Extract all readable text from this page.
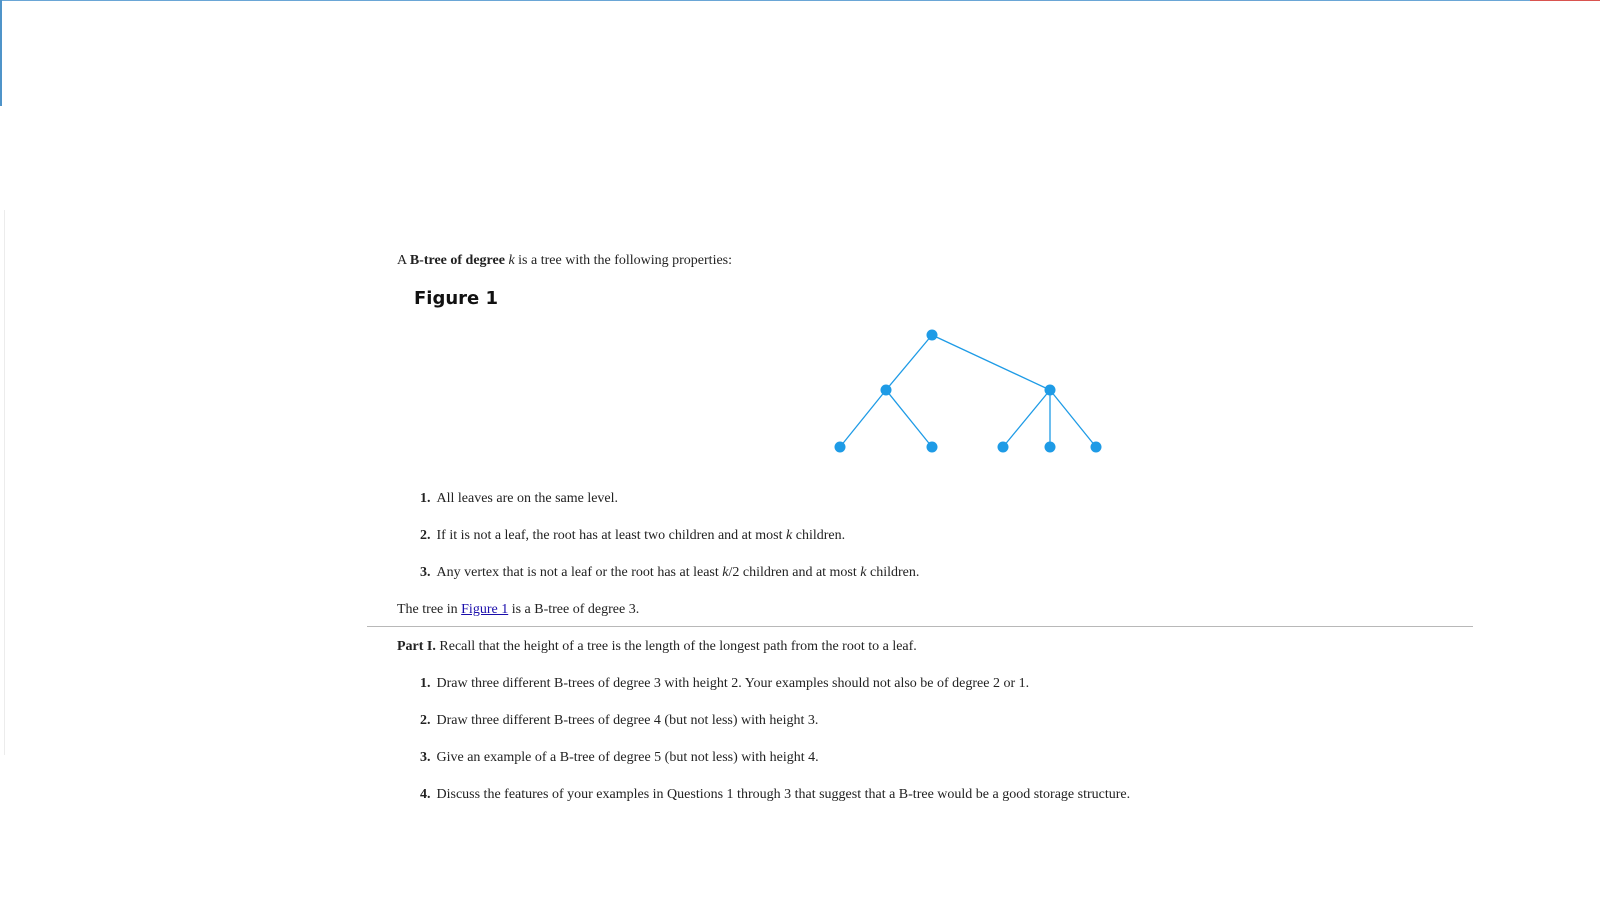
A B-tree of degree k is a tree with the following properties:
Figure 1
1. All leaves are on the same level.
2. If it is not a leaf, the root has at least two children and at most k children.
3. Any vertex that is not a leaf or the root has at least k/2 children and at most k children.
The tree in Figure 1 is a B-tree of degree 3.
Part I. Recall that the height of a tree is the length of the longest path from the root to a leaf.
1. Draw three different B-trees of degree 3 with height 2. Your examples should not also be of degree 2 or 1.
2. Draw three different B-trees of degree 4 (but not less) with height 3.
3. Give an example of a B-tree of degree 5 (but not less) with height 4.
4. Discuss the features of your examples in Questions 1 through 3 that suggest that a B-tree would be a good storage structure.
